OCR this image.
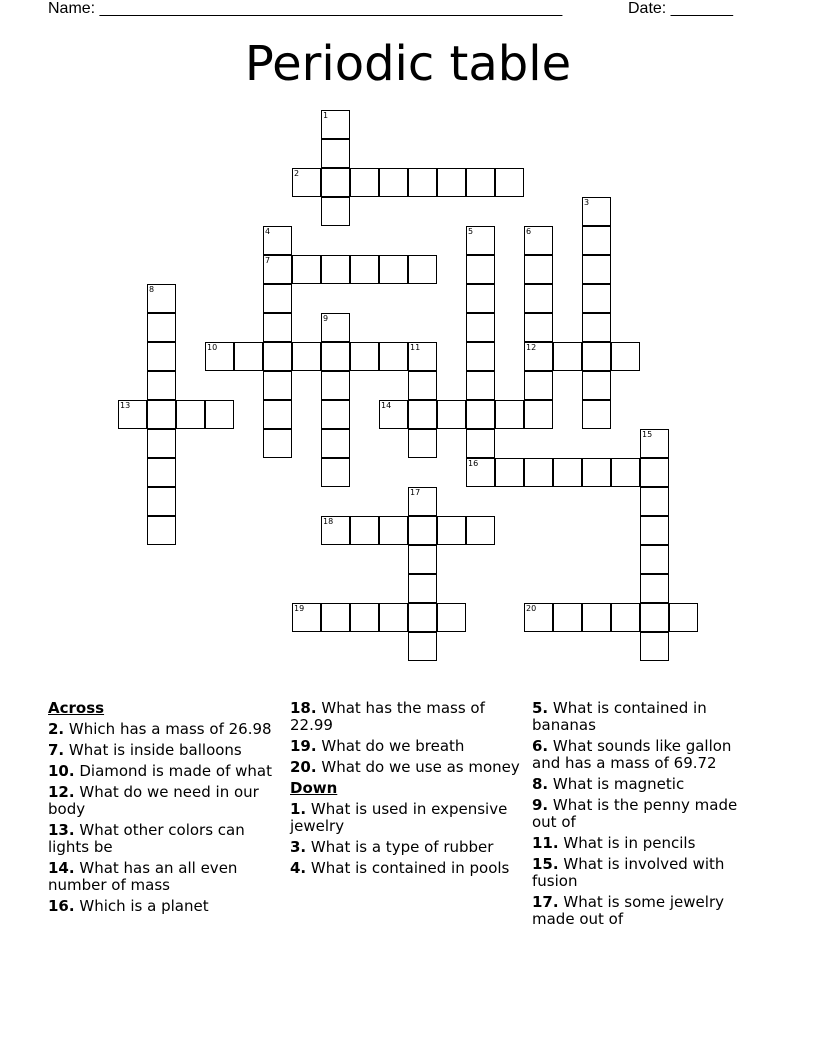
Name: ____________________________________________________	Date: _______
Periodic table
1
2
3
4	5	6
7
8
9
10	11	12
13	14
15
16
17
18
19	20
Across
2. Which has a mass of 26.98
7. What is inside balloons
10. Diamond is made of what
12. What do we need in our body
13. What other colors can lights be
14. What has an all even number of mass
16. Which is a planet
18. What has the mass of 22.99
19. What do we breath
20. What do we use as money
Down
1. What is used in expensive jewelry
3. What is a type of rubber
4. What is contained in pools
5. What is contained in bananas
6. What sounds like gallon and has a mass of 69.72
8. What is magnetic
9. What is the penny made out of
11. What is in pencils
15. What is involved with fusion
17. What is some jewelry made out of
